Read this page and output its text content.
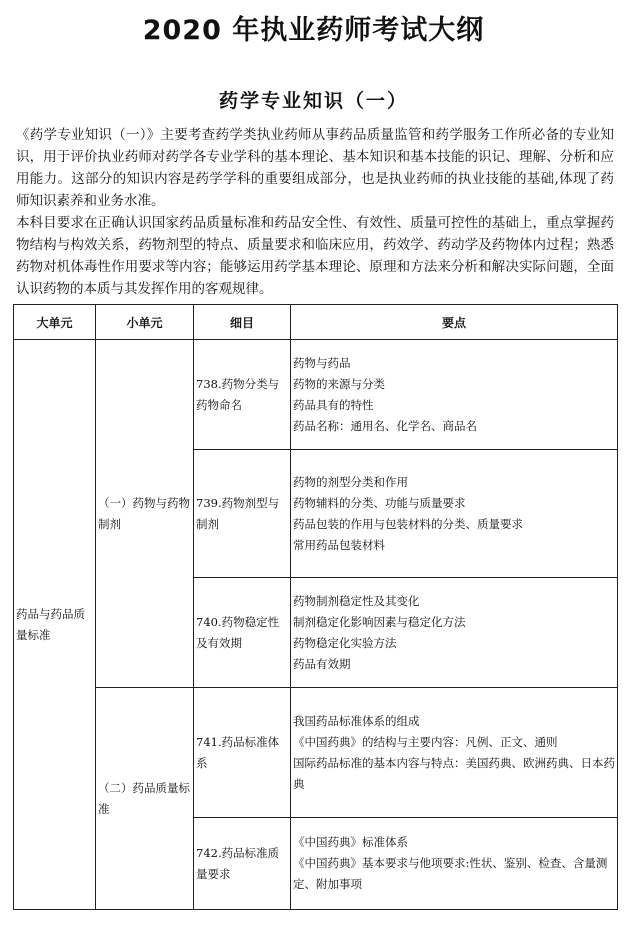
2020 年执业药师考试大纲
药学专业知识（一）

《药学专业知识（一）》主要考查药学类执业药师从事药品质量监管和药学服务工作所必备的专业知识，用于评价执业药师对药学各专业学科的基本理论、基本知识和基本技能的识记、理解、分析和应用能力。这部分的知识内容是药学学科的重要组成部分，也是执业药师的执业技能的基础,体现了药师知识素养和业务水准。

本科目要求在正确认识国家药品质量标准和药品安全性、有效性、质量可控性的基础上，重点掌握药物结构与构效关系，药物剂型的特点、质量要求和临床应用，药效学、药动学及药物体内过程；熟悉药物对机体毒性作用要求等内容；能够运用药学基本理论、原理和方法来分析和解决实际问题，全面认识药物的本质与其发挥作用的客观规律。

大单元	小单元	细目	要点
药品与药品质量标准	（一）药物与药物制剂	738.药物分类与药物命名	药物与药品
药物的来源与分类
药品具有的特性
药品名称：通用名、化学名、商品名

		739.药物剂型与制剂	药物的剂型分类和作用
药物辅料的分类、功能与质量要求
药品包装的作用与包装材料的分类、质量要求
常用药品包装材料

		740.药物稳定性及有效期	药物制剂稳定性及其变化
制剂稳定化影响因素与稳定化方法
药物稳定化实验方法
药品有效期

	（二）药品质量标准	741.药品标准体系	我国药品标准体系的组成
《中国药典》的结构与主要内容：凡例、正文、通则
国际药品标准的基本内容与特点：美国药典、欧洲药典、日本药典

		742.药品标准质量要求	《中国药典》标准体系
《中国药典》基本要求与他项要求:性状、鉴别、检查、含量测定、附加事项
